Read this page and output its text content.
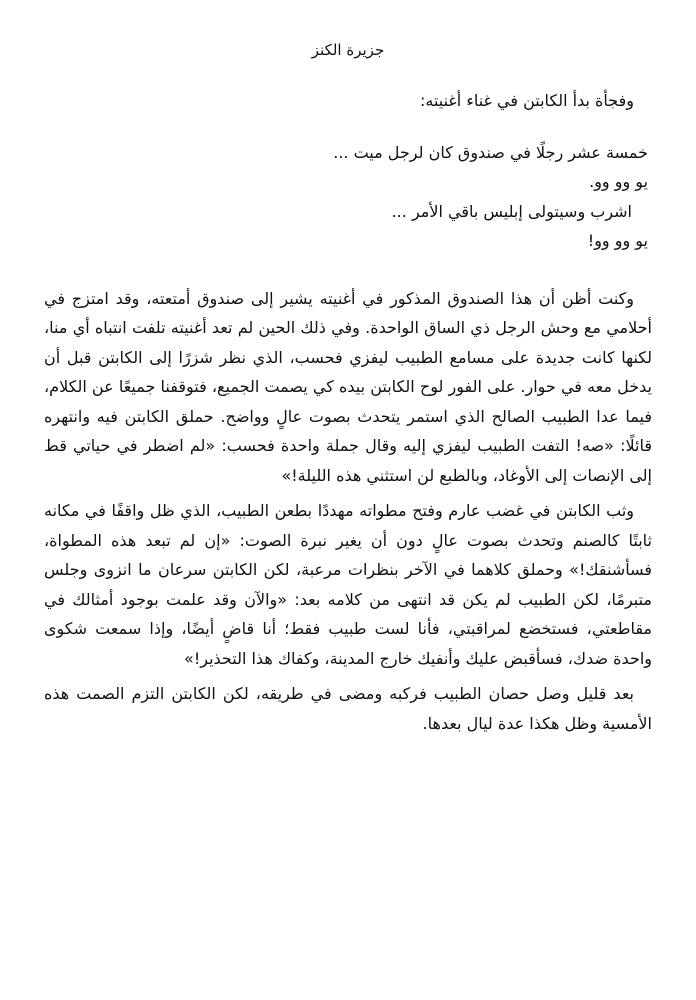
جزيرة الكنز
وفجأة بدأ الكابتن في غناء أغنيته:
خمسة عشر رجلًا في صندوق كان لرجل ميت ...
يو وو وو.
اشرب وسيتولى إبليس باقي الأمر ...
يو وو وو!

وكنت أظن أن هذا الصندوق المذكور في أغنيته يشير إلى صندوق أمتعته، وقد امتزج في أحلامي مع وحش الرجل ذي الساق الواحدة. وفي ذلك الحين لم تعد أغنيته تلفت انتباه أي منا، لكنها كانت جديدة على مسامع الطبيب ليفزي فحسب، الذي نظر شزرًا إلى الكابتن قبل أن يدخل معه في حوار. على الفور لوح الكابتن بيده كي يصمت الجميع، فتوقفنا جميعًا عن الكلام، فيما عدا الطبيب الصالح الذي استمر يتحدث بصوت عالٍ وواضح. حملق الكابتن فيه وانتهره قائلًا: «صه! التفت الطبيب ليفزي إليه وقال جملة واحدة فحسب: «لم اضطر في حياتي قط إلى الإنصات إلى الأوغاد، وبالطبع لن استثني هذه الليلة!»

وثب الكابتن في غضب عارم وفتح مطواته مهددًا بطعن الطبيب، الذي ظل واقفًا في مكانه ثابتًا كالصنم وتحدث بصوت عالٍ دون أن يغير نبرة الصوت: «إن لم تبعد هذه المطواة، فسأشنقك!» وحملق كلاهما في الآخر بنظرات مرعبة، لكن الكابتن سرعان ما انزوى وجلس متبرمًا، لكن الطبيب لم يكن قد انتهى من كلامه بعد: «والآن وقد علمت بوجود أمثالك في مقاطعتي، فستخضع لمراقبتي، فأنا لست طبيب فقط؛ أنا قاضٍ أيضًا، وإذا سمعت شكوى واحدة ضدك، فسأقبض عليك وأنفيك خارج المدينة، وكفاك هذا التحذير!»

بعد قليل وصل حصان الطبيب فركبه ومضى في طريقه، لكن الكابتن التزم الصمت هذه الأمسية وظل هكذا عدة ليال بعدها.
